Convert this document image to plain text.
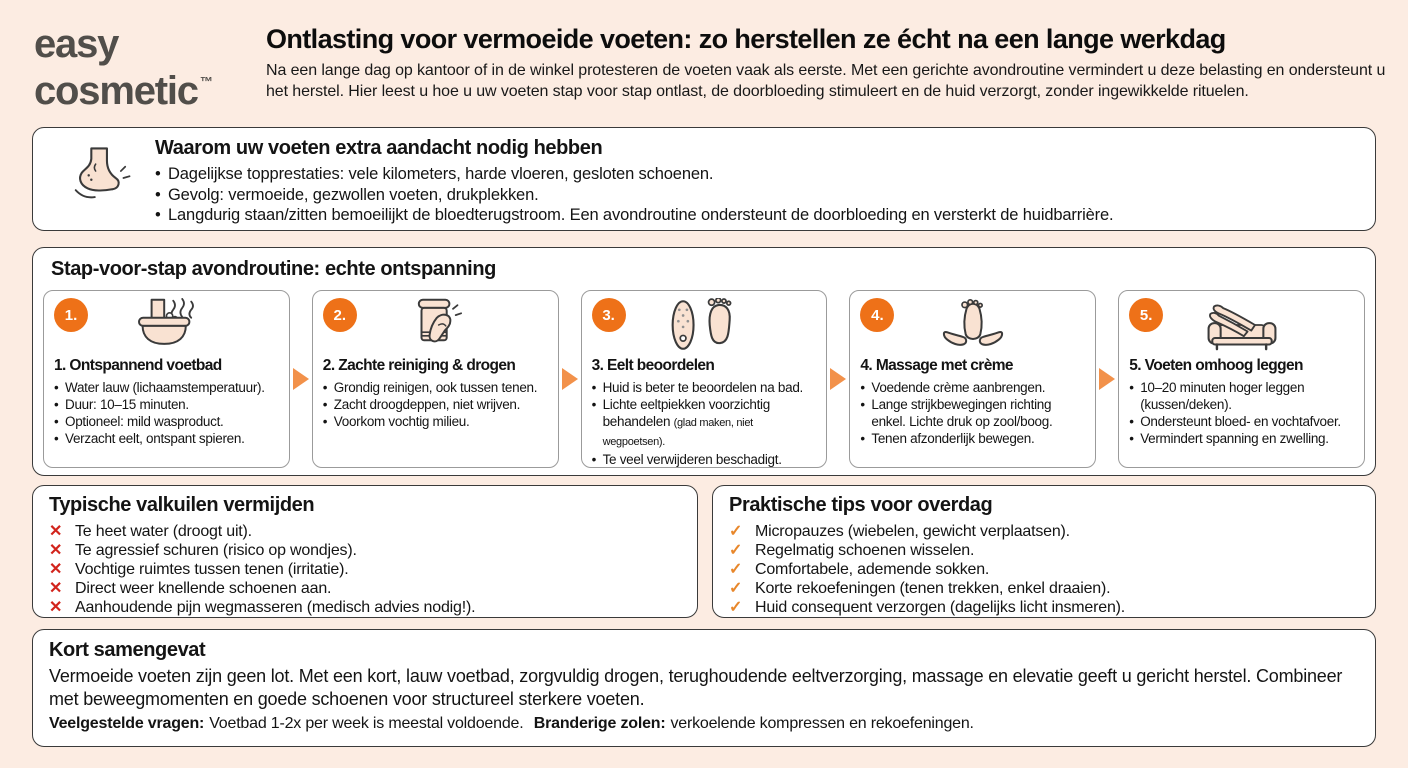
easy
cosmetic ™
Ontlasting voor vermoeide voeten: zo herstellen ze écht na een lange werkdag
Na een lange dag op kantoor of in de winkel protesteren de voeten vaak als eerste. Met een gerichte avondroutine vermindert u deze belasting en ondersteunt u het herstel. Hier leest u hoe u uw voeten stap voor stap ontlast, de doorbloeding stimuleert en de huid verzorgt, zonder ingewikkelde rituelen.
Waarom uw voeten extra aandacht nodig hebben
• Dagelijkse topprestaties: vele kilometers, harde vloeren, gesloten schoenen.
• Gevolg: vermoeide, gezwollen voeten, drukplekken.
• Langdurig staan/zitten bemoeilijkt de bloedterugstroom. Een avondroutine ondersteunt de doorbloeding en versterkt de huidbarrière.
Stap-voor-stap avondroutine: echte ontspanning
1.
1. Ontspannend voetbad
• Water lauw (lichaamstemperatuur).
• Duur: 10–15 minuten.
• Optioneel: mild wasproduct.
• Verzacht eelt, ontspant spieren.
2.
2. Zachte reiniging & drogen
• Grondig reinigen, ook tussen tenen.
• Zacht droogdeppen, niet wrijven.
• Voorkom vochtig milieu.
3.
3. Eelt beoordelen
• Huid is beter te beoordelen na bad.
• Lichte eeltpiekken voorzichtig behandelen (glad maken, niet wegpoetsen).
• Te veel verwijderen beschadigt.
4.
4. Massage met crème
• Voedende crème aanbrengen.
• Lange strijkbewegingen richting enkel. Lichte druk op zool/boog.
• Tenen afzonderlijk bewegen.
5.
5. Voeten omhoog leggen
• 10–20 minuten hoger leggen (kussen/deken).
• Ondersteunt bloed- en vochtafvoer.
• Vermindert spanning en zwelling.
Typische valkuilen vermijden
✕ Te heet water (droogt uit).
✕ Te agressief schuren (risico op wondjes).
✕ Vochtige ruimtes tussen tenen (irritatie).
✕ Direct weer knellende schoenen aan.
✕ Aanhoudende pijn wegmasseren (medisch advies nodig!).
Praktische tips voor overdag
✓ Micropauzes (wiebelen, gewicht verplaatsen).
✓ Regelmatig schoenen wisselen.
✓ Comfortabele, ademende sokken.
✓ Korte rekoefeningen (tenen trekken, enkel draaien).
✓ Huid consequent verzorgen (dagelijks licht insmeren).
Kort samengevat
Vermoeide voeten zijn geen lot. Met een kort, lauw voetbad, zorgvuldig drogen, terughoudende eeltverzorging, massage en elevatie geeft u gericht herstel. Combineer met beweegmomenten en goede schoenen voor structureel sterkere voeten.
Veelgestelde vragen: Voetbad 1-2x per week is meestal voldoende. Branderige zolen: verkoelende kompressen en rekoefeningen.
